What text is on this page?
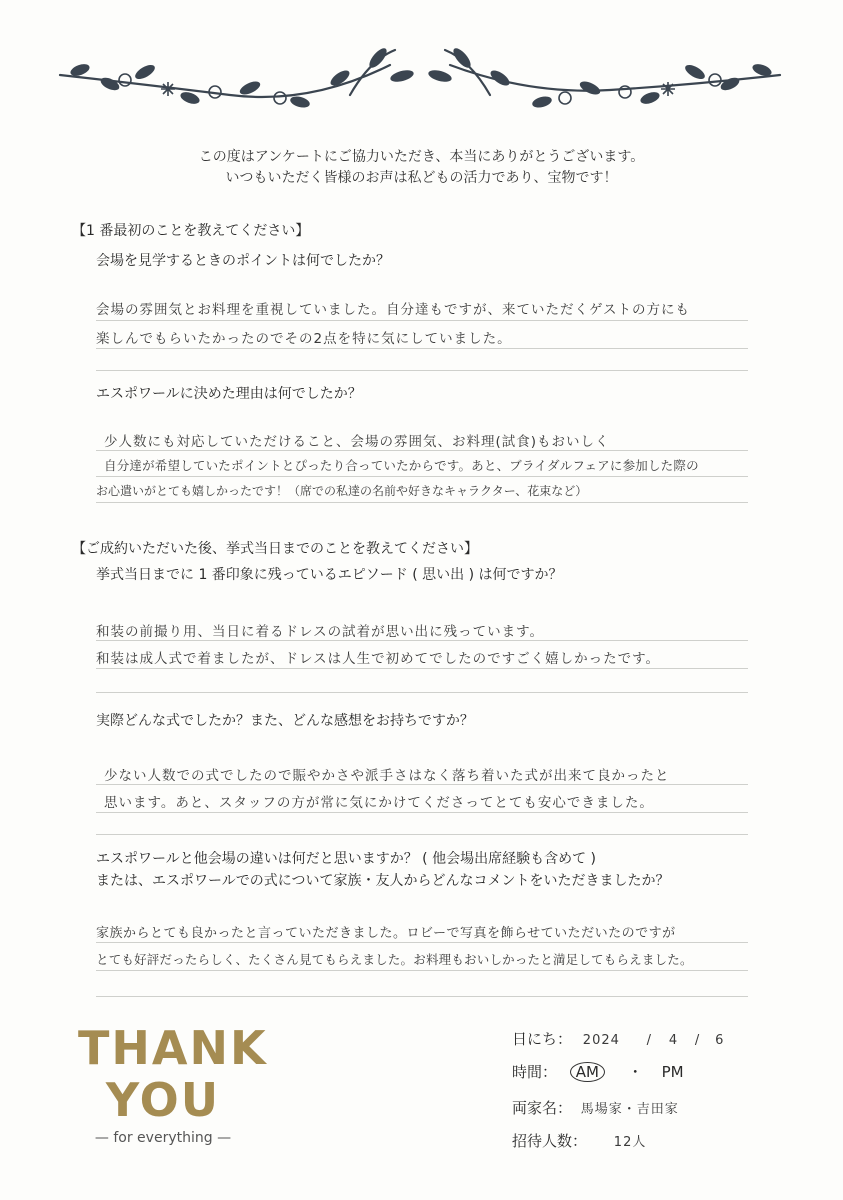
この度はアンケートにご協力いただき、本当にありがとうございます。
いつもいただく皆様のお声は私どもの活力であり、宝物です！
【1 番最初のことを教えてください】
会場を見学するときのポイントは何でしたか？
会場の雰囲気とお料理を重視していました。自分達もですが、来ていただくゲストの方にも
楽しんでもらいたかったのでその2点を特に気にしていました。
エスポワールに決めた理由は何でしたか？
少人数にも対応していただけること、会場の雰囲気、お料理(試食)もおいしく
自分達が希望していたポイントとぴったり合っていたからです。あと、ブライダルフェアに参加した際の
お心遣いがとても嬉しかったです！（席での私達の名前や好きなキャラクター、花束など）
【ご成約いただいた後、挙式当日までのことを教えてください】
挙式当日までに 1 番印象に残っているエピソード ( 思い出 ) は何ですか？
和装の前撮り用、当日に着るドレスの試着が思い出に残っています。
和装は成人式で着ましたが、ドレスは人生で初めてでしたのですごく嬉しかったです。
実際どんな式でしたか？また、どんな感想をお持ちですか？
少ない人数での式でしたので賑やかさや派手さはなく落ち着いた式が出来て良かったと
思います。あと、スタッフの方が常に気にかけてくださってとても安心できました。
エスポワールと他会場の違いは何だと思いますか？ ( 他会場出席経験も含めて )
または、エスポワールでの式について家族・友人からどんなコメントをいただきましたか？
家族からとても良かったと言っていただきました。ロビーで写真を飾らせていただいたのですが
とても好評だったらしく、たくさん見てもらえました。お料理もおいしかったと満足してもらえました。
THANK
YOU
— for everything —
日にち： 2024 / 4 / 6
時間： AM ・ PM
両家名： 馬場家・吉田家
招待人数： 12人
